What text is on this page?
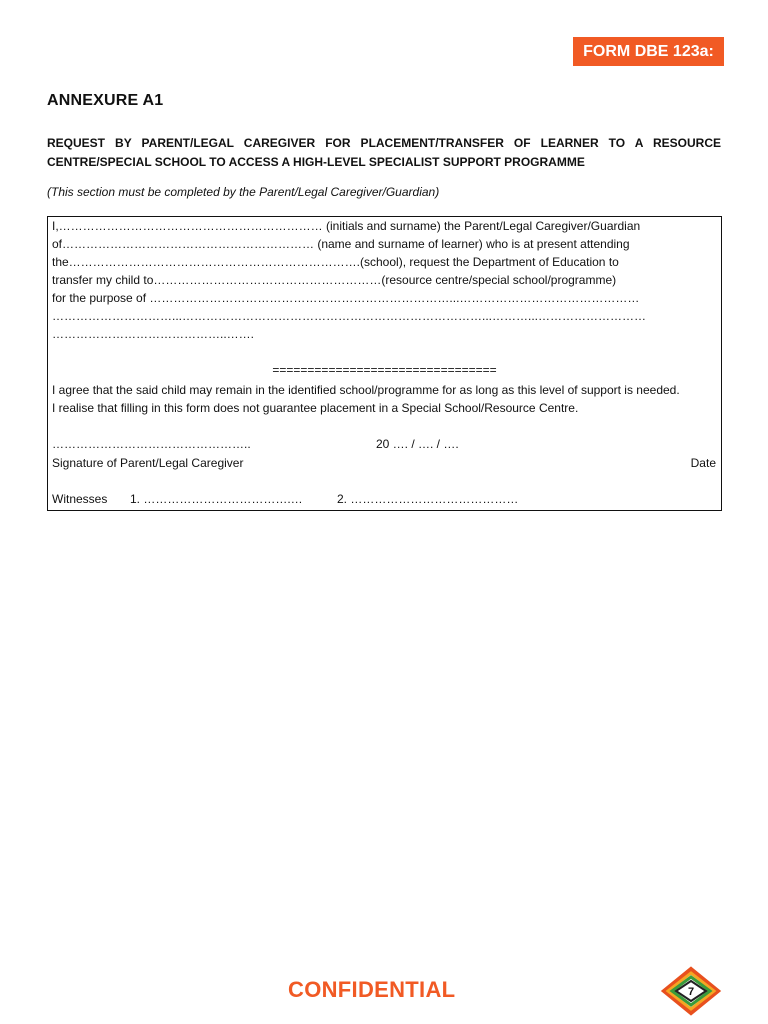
FORM DBE 123a:
ANNEXURE A1
REQUEST BY PARENT/LEGAL CAREGIVER FOR PLACEMENT/TRANSFER OF LEARNER TO A RESOURCE CENTRE/SPECIAL SCHOOL TO ACCESS A HIGH-LEVEL SPECIALIST SUPPORT PROGRAMME
(This section must be completed by the Parent/Legal Caregiver/Guardian)
I,………………………………………………………… (initials and surname) the Parent/Legal Caregiver/Guardian
of……………………………………………………… (name and surname of learner) who is at present attending
the……………………………………………………………….(school), request the Department of Education to
transfer my child to…………………………………………………(resource centre/special school/programme)
for the purpose of …………………………………………………………………...………………………………………
…………………………...…………………………………………………………………...………...………………………
……………………………………..…….
================================
I agree that the said child may remain in the identified school/programme for as long as this level of support is needed.
I realise that filling in this form does not guarantee placement in a Special School/Resource Centre.
…………………………………………..	20 …. / …. / ….
Signature of Parent/Legal Caregiver	Date
Witnesses 1. ……………………………….…	2. ……………………………………
CONFIDENTIAL	7
